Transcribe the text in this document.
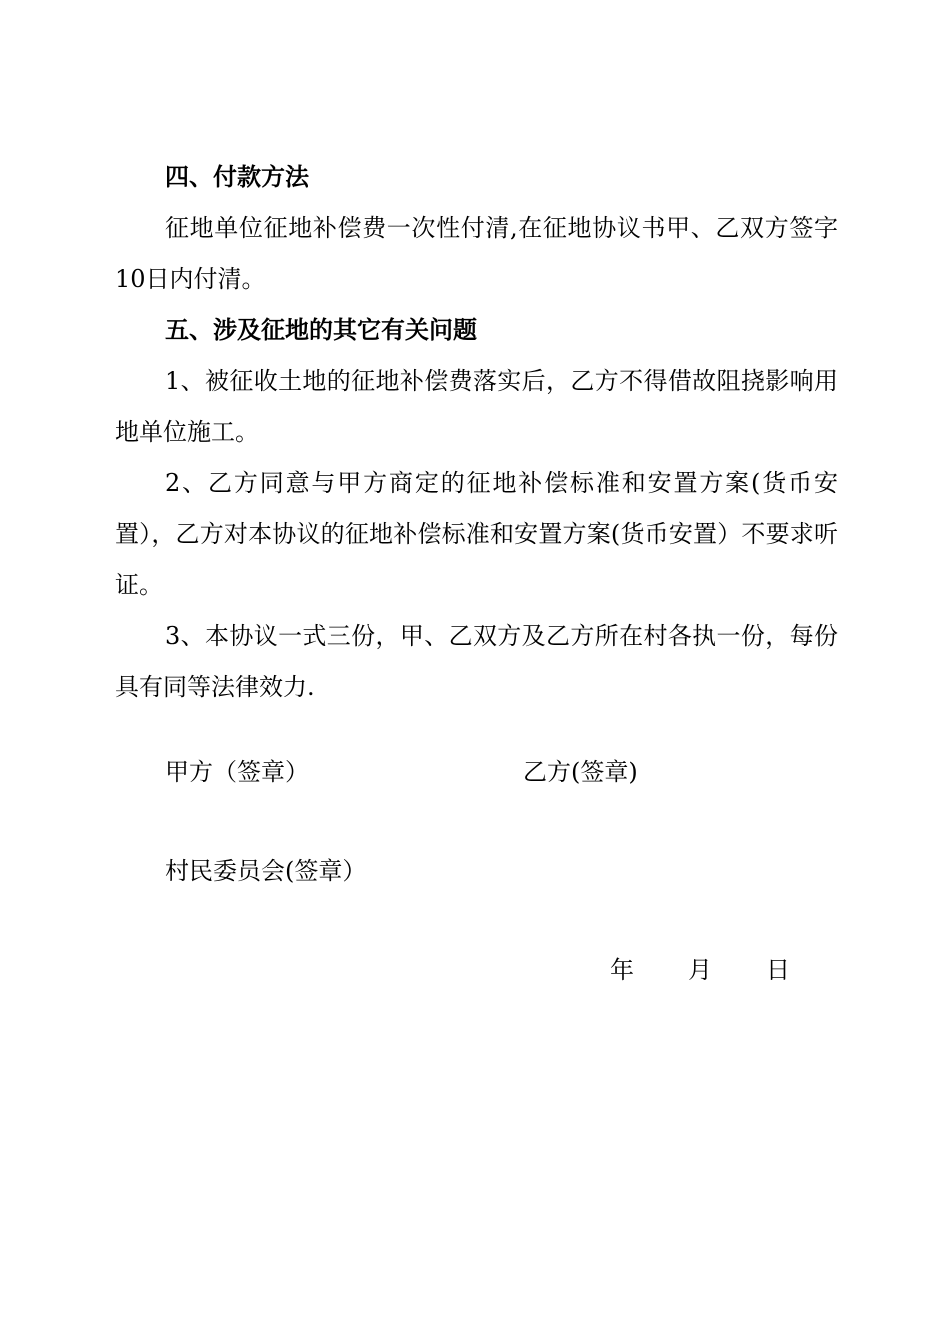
四、付款方法

征地单位征地补偿费一次性付清,在征地协议书甲、乙双方签字10日内付清。

五、涉及征地的其它有关问题

1、被征收土地的征地补偿费落实后，乙方不得借故阻挠影响用地单位施工。

2、乙方同意与甲方商定的征地补偿标准和安置方案(货币安置），乙方对本协议的征地补偿标准和安置方案(货币安置）不要求听证。

3、本协议一式三份，甲、乙双方及乙方所在村各执一份，每份具有同等法律效力.

甲方（签章）	乙方(签章)
村民委员会(签章）
年 月 日
